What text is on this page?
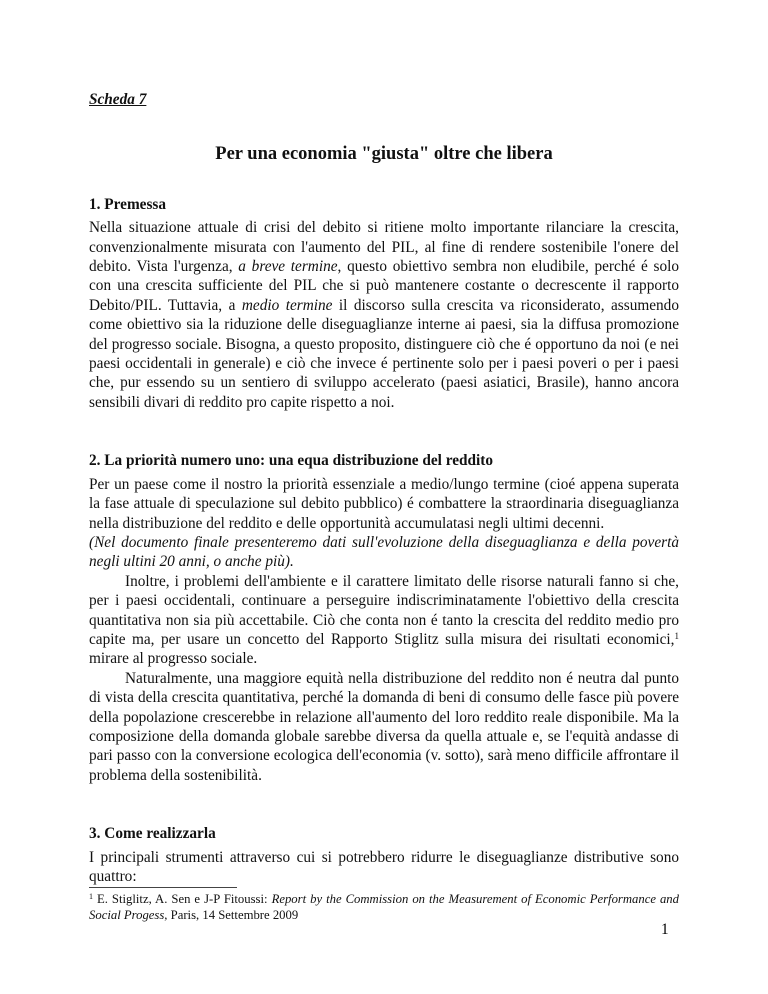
Scheda 7

Per una economia "giusta" oltre che libera
1. Premessa

Nella situazione attuale di crisi del debito si ritiene molto importante rilanciare la crescita, convenzionalmente misurata con l'aumento del PIL, al fine di rendere sostenibile l'onere del debito. Vista l'urgenza, a breve termine, questo obiettivo sembra non eludibile, perché é solo con una crescita sufficiente del PIL che si può mantenere costante o decrescente il rapporto Debito/PIL. Tuttavia, a medio termine il discorso sulla crescita va riconsiderato, assumendo come obiettivo sia la riduzione delle diseguaglianze interne ai paesi, sia la diffusa promozione del progresso sociale. Bisogna, a questo proposito, distinguere ciò che é opportuno da noi (e nei paesi occidentali in generale) e ciò che invece é pertinente solo per i paesi poveri o per i paesi che, pur essendo su un sentiero di sviluppo accelerato (paesi asiatici, Brasile), hanno ancora sensibili divari di reddito pro capite rispetto a noi.

2. La priorità numero uno: una equa distribuzione del reddito

Per un paese come il nostro la priorità essenziale a medio/lungo termine (cioé appena superata la fase attuale di speculazione sul debito pubblico) é combattere la straordinaria diseguaglianza nella distribuzione del reddito e delle opportunità accumulatasi negli ultimi decenni.

(Nel documento finale presenteremo dati sull'evoluzione della diseguaglianza e della povertà negli ultini 20 anni, o anche più).

Inoltre, i problemi dell'ambiente e il carattere limitato delle risorse naturali fanno si che, per i paesi occidentali, continuare a perseguire indiscriminatamente l'obiettivo della crescita quantitativa non sia più accettabile. Ciò che conta non é tanto la crescita del reddito medio pro capite ma, per usare un concetto del Rapporto Stiglitz sulla misura dei risultati economici,$^1$ mirare al progresso sociale.

Naturalmente, una maggiore equità nella distribuzione del reddito non é neutra dal punto di vista della crescita quantitativa, perché la domanda di beni di consumo delle fasce più povere della popolazione crescerebbe in relazione all'aumento del loro reddito reale disponibile. Ma la composizione della domanda globale sarebbe diversa da quella attuale e, se l'equità andasse di pari passo con la conversione ecologica dell'economia (v. sotto), sarà meno difficile affrontare il problema della sostenibilità.

3. Come realizzarla

I principali strumenti attraverso cui si potrebbero ridurre le diseguaglianze distributive sono quattro:

$^1$ E. Stiglitz, A. Sen e J-P Fitoussi: Report by the Commission on the Measurement of Economic Performance and Social Progess, Paris, 14 Settembre 2009
1
